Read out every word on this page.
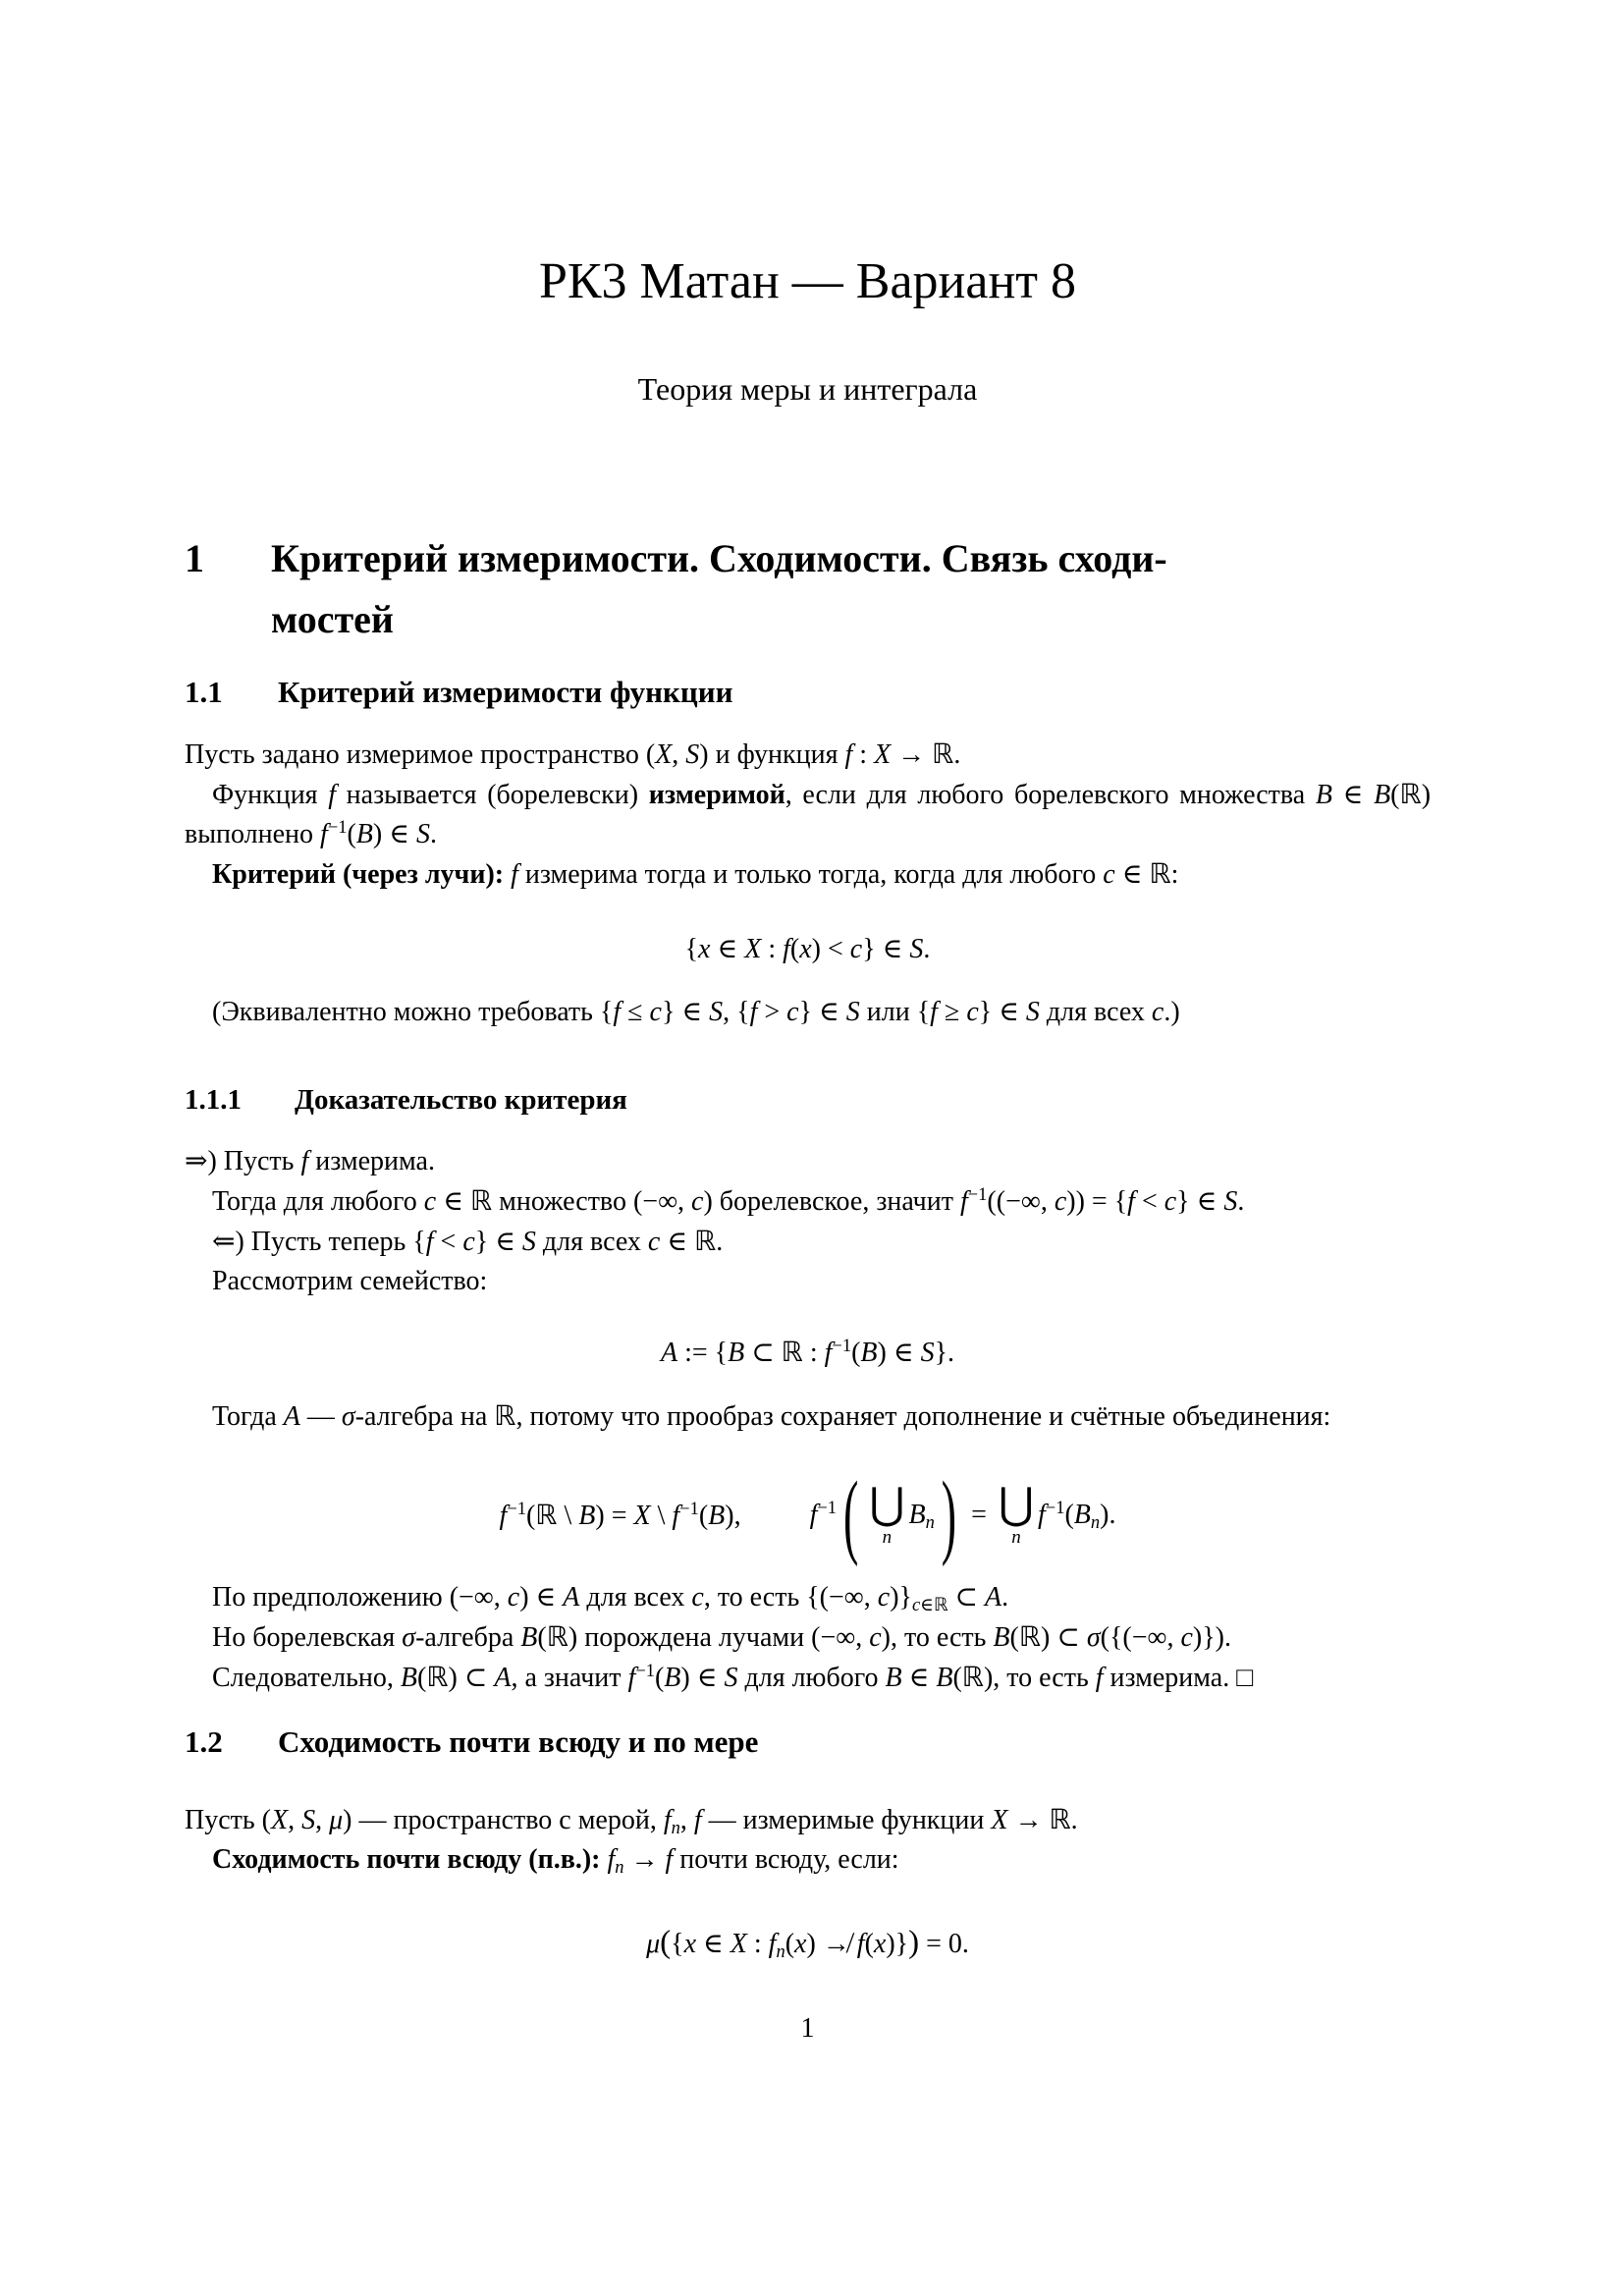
РК3 Матан — Вариант 8
Теория меры и интеграла
1	Критерий измеримости. Сходимости. Связь сходи-
мостей
1.1	Критерий измеримости функции

Пусть задано измеримое пространство (X, S) и функция f : X → ℝ.

Функция f называется (борелевски) измеримой, если для любого борелевского множества B ∈ B(ℝ) выполнено $f^{-1}(B)$ ∈ S.

Критерий (через лучи): f измерима тогда и только тогда, когда для любого c ∈ ℝ:

{x ∈ X : f(x) < c} ∈ S.

(Эквивалентно можно требовать {f ≤ c} ∈ S, {f > c} ∈ S или {f ≥ c} ∈ S для всех c.)

1.1.1	Доказательство критерия

⇒) Пусть f измерима.

Тогда для любого c ∈ ℝ множество (−∞, c) борелевское, значит $f^{-1}((-\infty$, c)) = {f < c} ∈ S.

⇐) Пусть теперь {f < c} ∈ S для всех c ∈ ℝ.

Рассмотрим семейство:

A := {B ⊂ ℝ : $f^{-1}(B)$ ∈ S}.

Тогда A — σ-алгебра на ℝ, потому что прообраз сохраняет дополнение и счётные объединения:

$f^{-1}(ℝ$ \ B) = X \ $f^{-1}(B)$,	$f^{-1}$ ( ⋃
n
$B_n$ ) = ⋃
n
$f^{-1}(B_n)$.

По предположению (−∞, c) ∈ A для всех c, то есть {(−∞, $c)\}_{c\in ℝ}$ ⊂ A.

Но борелевская σ-алгебра B(ℝ) порождена лучами (−∞, c), то есть B(ℝ) ⊂ σ({(−∞, c)}).

Следовательно, B(ℝ) ⊂ A, а значит $f^{-1}(B)$ ∈ S для любого B ∈ B(ℝ), то есть f измерима. □

1.2	Сходимость почти всюду и по мере

Пусть (X, S, μ) — пространство с мерой, $f_n$, f — измеримые функции X → ℝ.

Сходимость почти всюду (п.в.): $f_n \to f$ почти всюду, если:

μ({x ∈ X : $f_n(x)$ ↛ f(x)}) = 0.
1
